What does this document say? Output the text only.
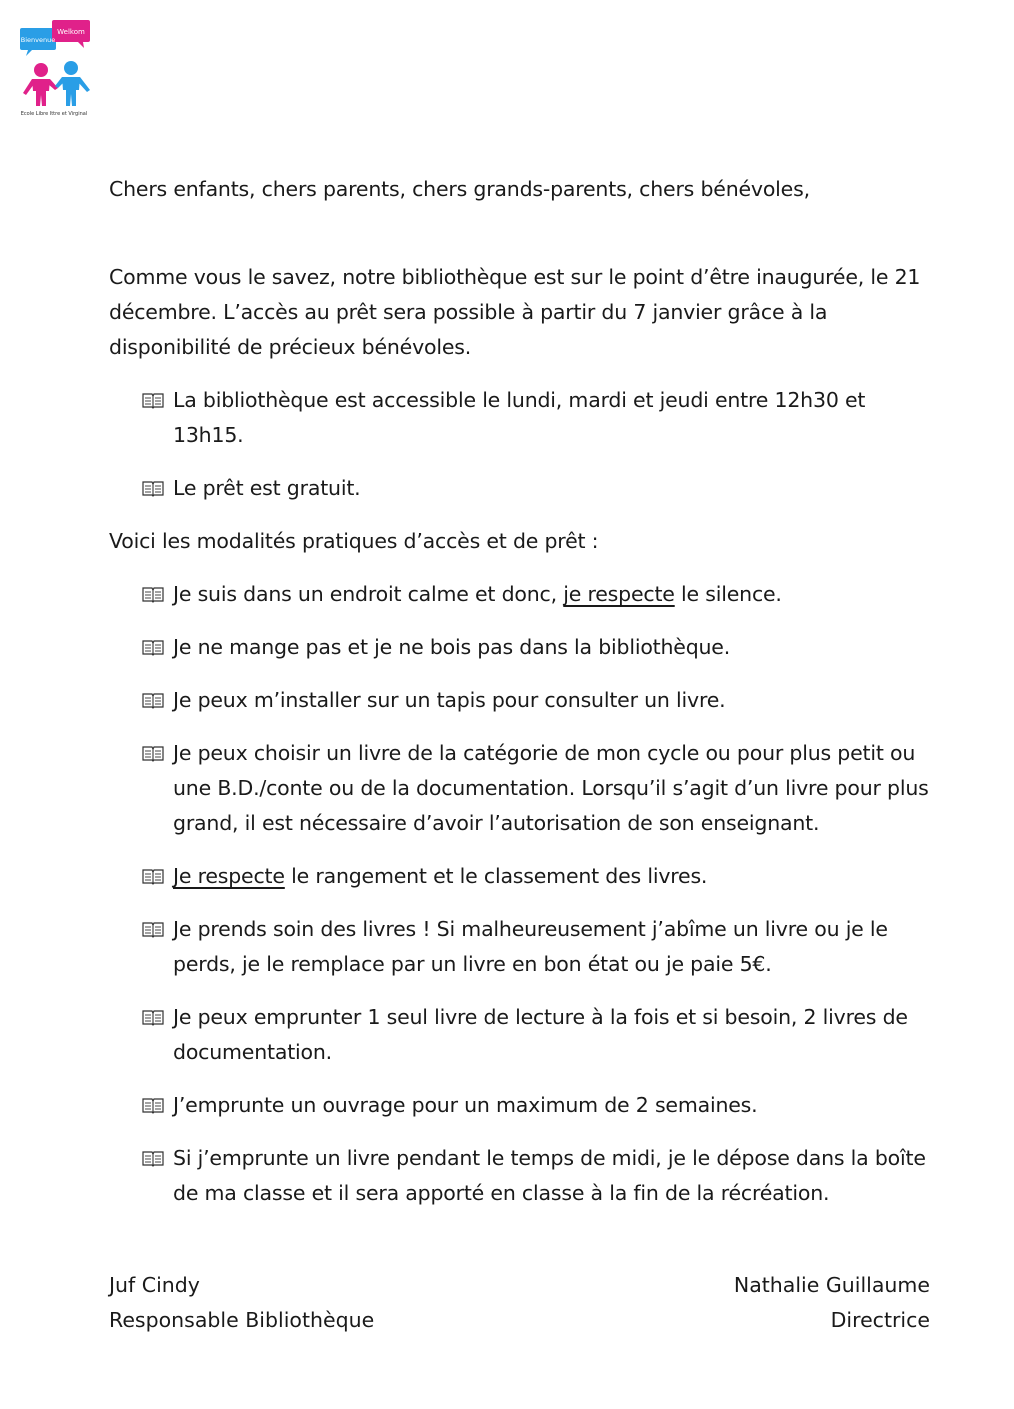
Bienvenue
Welkom
Ecole Libre Ittre et Virginal

Chers enfants, chers parents, chers grands-parents, chers bénévoles,

Comme vous le savez, notre bibliothèque est sur le point d’être inaugurée, le 21 décembre. L’accès au prêt sera possible à partir du 7 janvier grâce à la disponibilité de précieux bénévoles.

La bibliothèque est accessible le lundi, mardi et jeudi entre 12h30 et 13h15.
Le prêt est gratuit.

Voici les modalités pratiques d’accès et de prêt :

Je suis dans un endroit calme et donc, je respecte le silence.
Je ne mange pas et je ne bois pas dans la bibliothèque.
Je peux m’installer sur un tapis pour consulter un livre.
Je peux choisir un livre de la catégorie de mon cycle ou pour plus petit ou une B.D./conte ou de la documentation. Lorsqu’il s’agit d’un livre pour plus grand, il est nécessaire d’avoir l’autorisation de son enseignant.
Je respecte le rangement et le classement des livres.
Je prends soin des livres ! Si malheureusement j’abîme un livre ou je le perds, je le remplace par un livre en bon état ou je paie 5€.
Je peux emprunter 1 seul livre de lecture à la fois et si besoin, 2 livres de documentation.
J’emprunte un ouvrage pour un maximum de 2 semaines.
Si j’emprunte un livre pendant le temps de midi, je le dépose dans la boîte de ma classe et il sera apporté en classe à la fin de la récréation.
Juf Cindy
Responsable Bibliothèque
Nathalie Guillaume
Directrice
